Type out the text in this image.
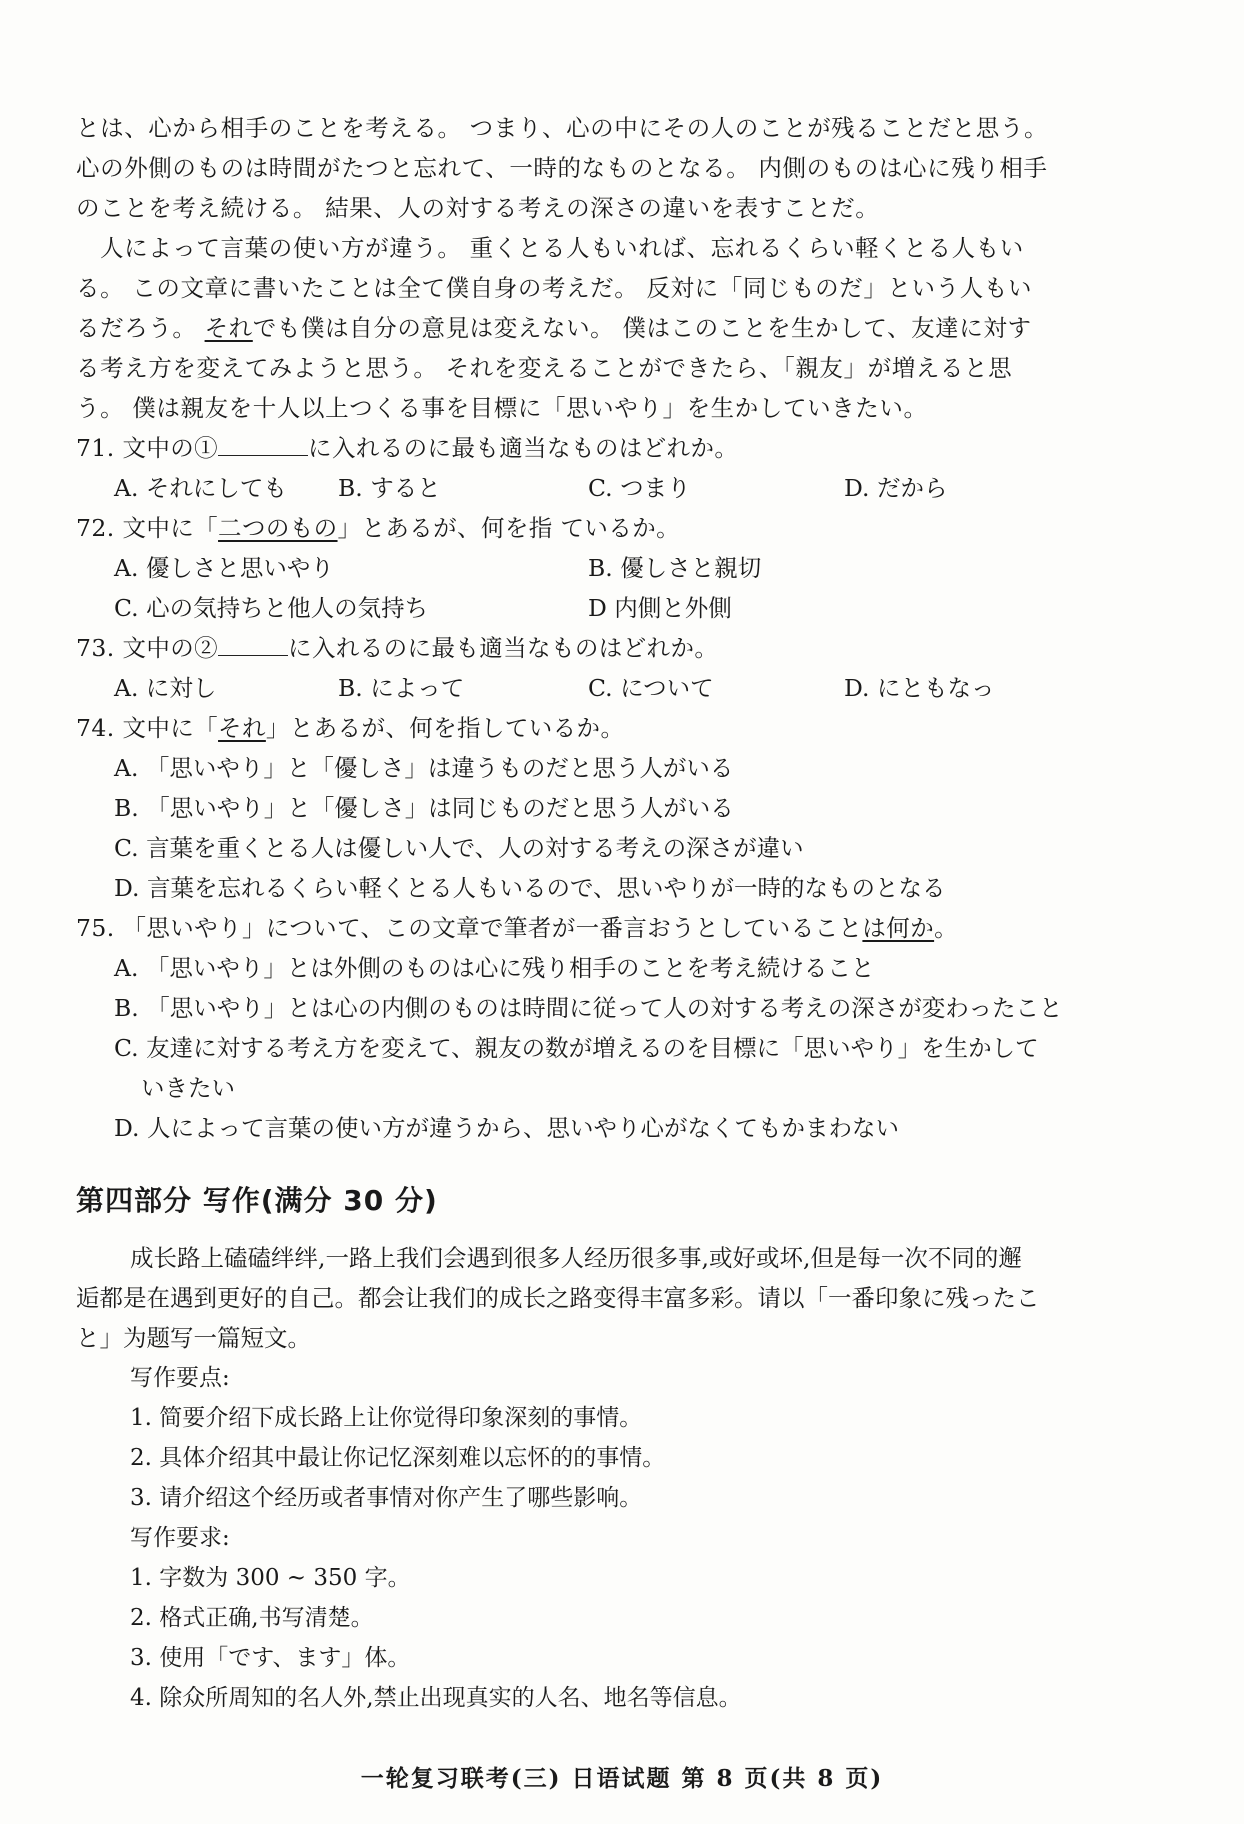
とは、心から相手のことを考える。 つまり、心の中にその人のことが残ることだと思う。
心の外側のものは時間がたつと忘れて、一時的なものとなる。 内側のものは心に残り相手
のことを考え続ける。 結果、人の対する考えの深さの違いを表すことだ。
人によって言葉の使い方が違う。 重くとる人もいれば、忘れるくらい軽くとる人もい
る。 この文章に書いたことは全て僕自身の考えだ。 反対に「同じものだ」という人もい
るだろう。 それでも僕は自分の意見は変えない。 僕はこのことを生かして、友達に対す
る考え方を変えてみようと思う。 それを変えることができたら、「親友」が増えると思
う。 僕は親友を十人以上つくる事を目標に「思いやり」を生かしていきたい。
71. 文中の①	に入れるのに最も適当なものはどれか。
A. それにしても B. すると	C. つまり	D. だから
72. 文中に「二つのもの」とあるが、何を指 ているか。
A. 優しさと思いやり	B. 優しさと親切
C. 心の気持ちと他人の気持ち	D 内側と外側
73. 文中の②	に入れるのに最も適当なものはどれか。
A. に対し	B. によって	C. について	D. にともなっ
74. 文中に「それ」とあるが、何を指しているか。
A. 「思いやり」と「優しさ」は違うものだと思う人がいる
B. 「思いやり」と「優しさ」は同じものだと思う人がいる
C. 言葉を重くとる人は優しい人で、人の対する考えの深さが違い
D. 言葉を忘れるくらい軽くとる人もいるので、思いやりが一時的なものとなる
75. 「思いやり」について、この文章で筆者が一番言おうとしていることは何か。
A. 「思いやり」とは外側のものは心に残り相手のことを考え続けること
B. 「思いやり」とは心の内側のものは時間に従って人の対する考えの深さが変わったこと
C. 友達に対する考え方を変えて、親友の数が増えるのを目標に「思いやり」を生かして
いきたい
D. 人によって言葉の使い方が違うから、思いやり心がなくてもかまわない
第四部分 写作(满分 30 分)
成长路上磕磕绊绊,一路上我们会遇到很多人经历很多事,或好或坏,但是每一次不同的邂
逅都是在遇到更好的自己。都会让我们的成长之路变得丰富多彩。请以「一番印象に残ったこ
と」为题写一篇短文。
写作要点:
1. 简要介绍下成长路上让你觉得印象深刻的事情。
2. 具体介绍其中最让你记忆深刻难以忘怀的的事情。
3. 请介绍这个经历或者事情对你产生了哪些影响。
写作要求:
1. 字数为 300 ~ 350 字。
2. 格式正确,书写清楚。
3. 使用「です、ます」体。
4. 除众所周知的名人外,禁止出现真实的人名、地名等信息。
一轮复习联考(三) 日语试题 第 8 页(共 8 页)
